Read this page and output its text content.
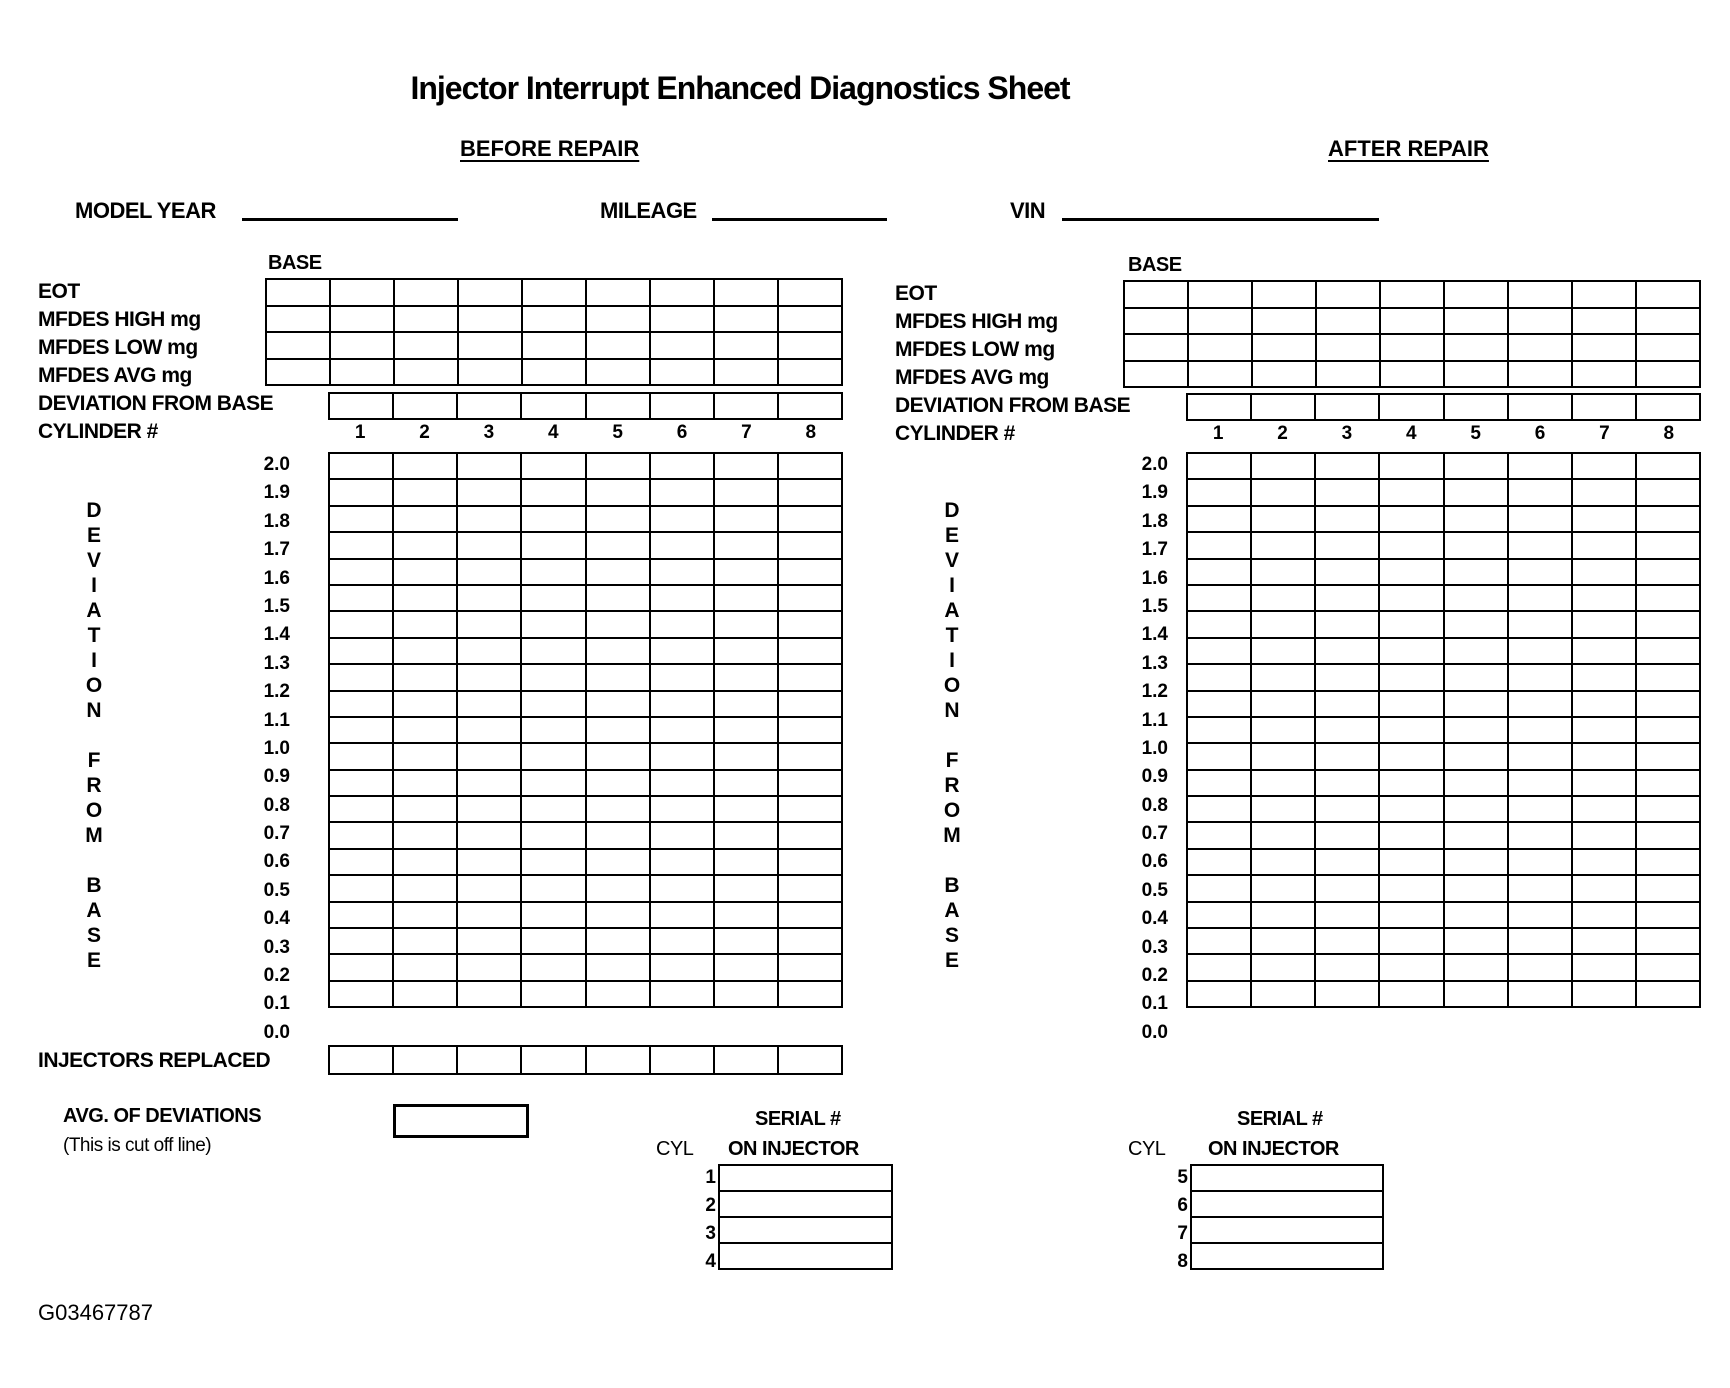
Injector Interrupt Enhanced Diagnostics Sheet
BEFORE REPAIR	AFTER REPAIR
MODEL YEAR	MILEAGE	VIN
BASE
EOT
MFDES HIGH mg
MFDES LOW mg
MFDES AVG mg
DEVIATION FROM BASE
CYLINDER #

								1	2	3	4	5	6	7	8
2.0
1.9
1.8
1.7
1.6
1.5
1.4
1.3
1.2
1.1
1.0
0.9
0.8
0.7
0.6
0.5
0.4
0.3
0.2
0.1
0.0
D
E
V
I
A
T
I
O
N

F
R
O
M

B
A
S
E

INJECTORS REPLACED

AVG. OF DEVIATIONS
(This is cut off line)
SERIAL #
CYL ON INJECTOR
1
2
3
4

BASE
EOT
MFDES HIGH mg
MFDES LOW mg
MFDES AVG mg
DEVIATION FROM BASE
CYLINDER #

								1	2	3	4	5	6	7	8
2.0
1.9
1.8
1.7
1.6
1.5
1.4
1.3
1.2
1.1
1.0
0.9
0.8
0.7
0.6
0.5
0.4
0.3
0.2
0.1
0.0
D
E
V
I
A
T
I
O
N

F
R
O
M

B
A
S
E

SERIAL #
CYL ON INJECTOR
5
6
7
8

G03467787
